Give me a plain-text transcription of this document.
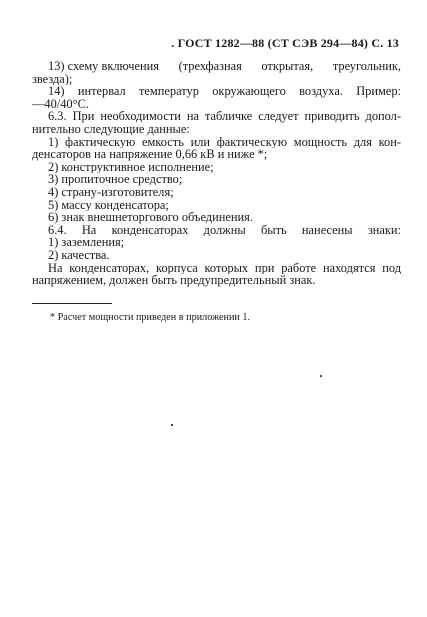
. ГОСТ 1282—88 (СТ СЭВ 294—84) С. 13
13) схему включения (трехфазная открытая, треугольник,
звезда);
14) интервал температур окружающего воздуха. Пример:
—40/40°С.
6.3. При необходимости на табличке следует приводить допол-
нительно следующие данные:
1) фактическую емкость или фактическую мощность для кон-
денсаторов на напряжение 0,66 кВ и ниже *;
2) конструктивное исполнение;
3) пропиточное средство;
4) страну-изготовителя;
5) массу конденсатора;
6) знак внешнеторгового объединения.
6.4. На конденсаторах должны быть нанесены знаки:
1) заземления;
2) качества.
На конденсаторах, корпуса которых при работе находятся под
напряжением, должен быть предупредительный знак.
* Расчет мощности приведен в приложении 1.
